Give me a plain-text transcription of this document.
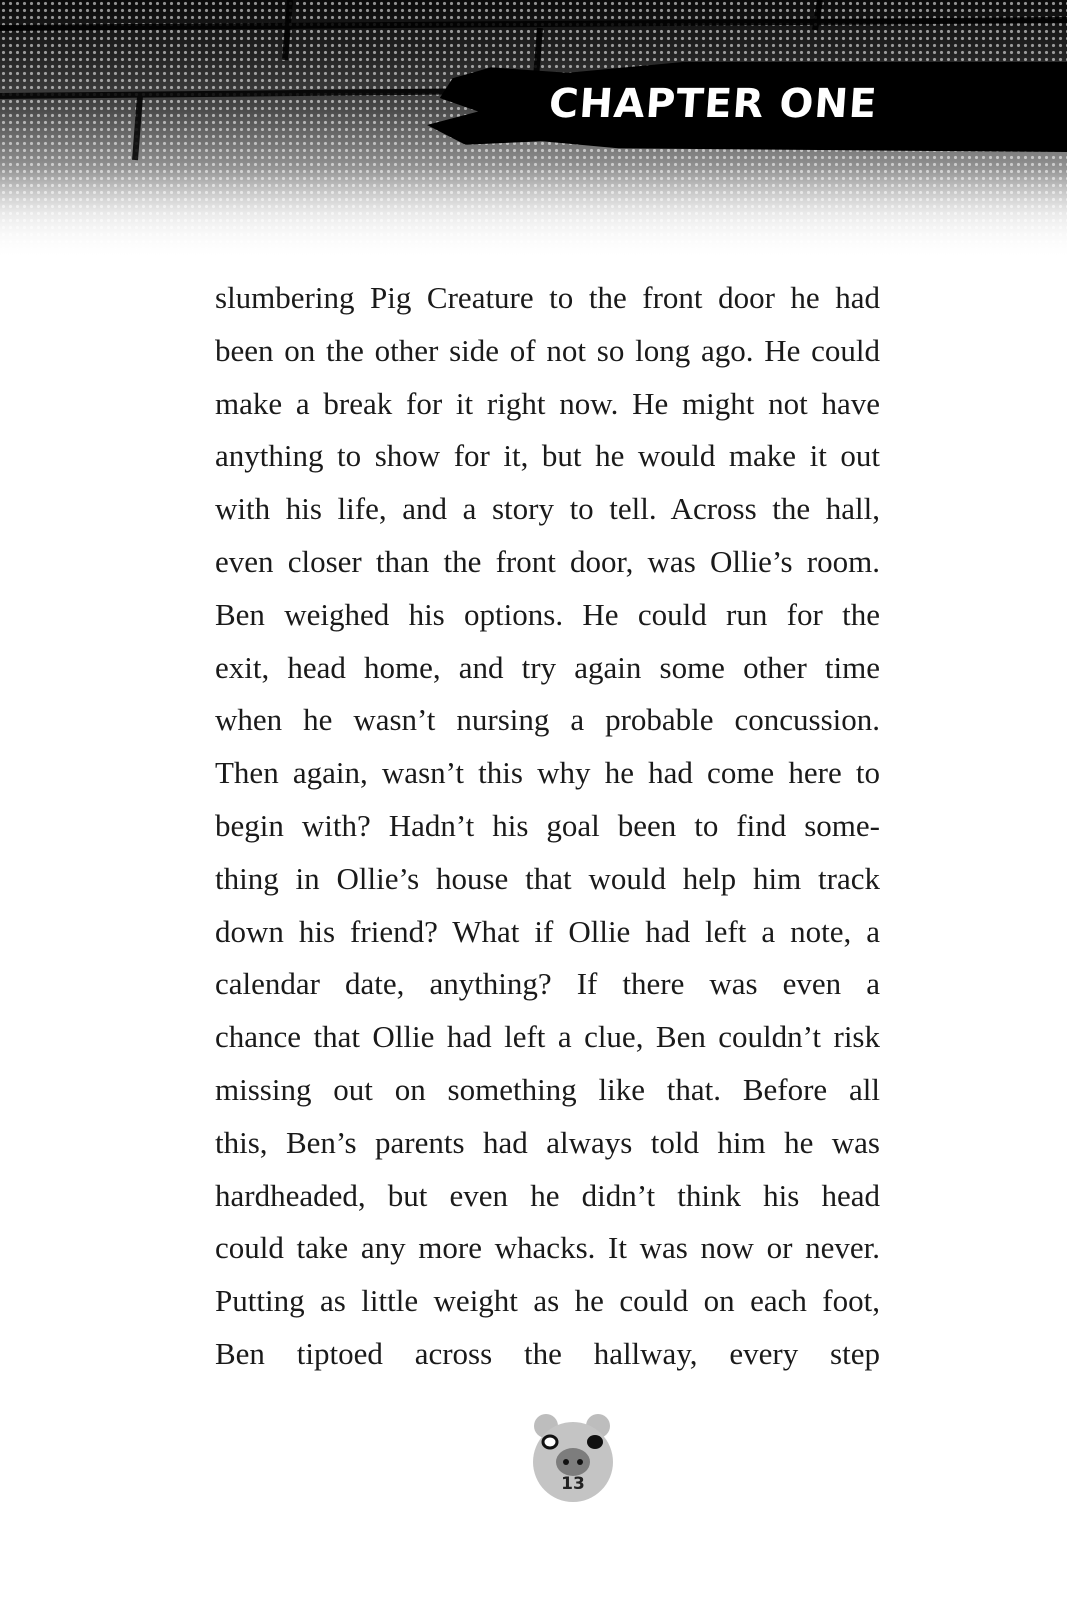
CHAPTER ONE
slumbering Pig Creature to the front door he had
been on the other side of not so long ago. He could
make a break for it right now. He might not have
anything to show for it, but he would make it out
with his life, and a story to tell. Across the hall,
even closer than the front door, was Ollie’s room.
Ben weighed his options. He could run for the
exit, head home, and try again some other time
when he wasn’t nursing a probable concussion.
Then again, wasn’t this why he had come here to
begin with? Hadn’t his goal been to find some-
thing in Ollie’s house that would help him track
down his friend? What if Ollie had left a note, a
calendar date, anything? If there was even a
chance that Ollie had left a clue, Ben couldn’t risk
missing out on something like that. Before all
this, Ben’s parents had always told him he was
hardheaded, but even he didn’t think his head
could take any more whacks. It was now or never.
Putting as little weight as he could on each foot,
Ben tiptoed across the hallway, every step
13
